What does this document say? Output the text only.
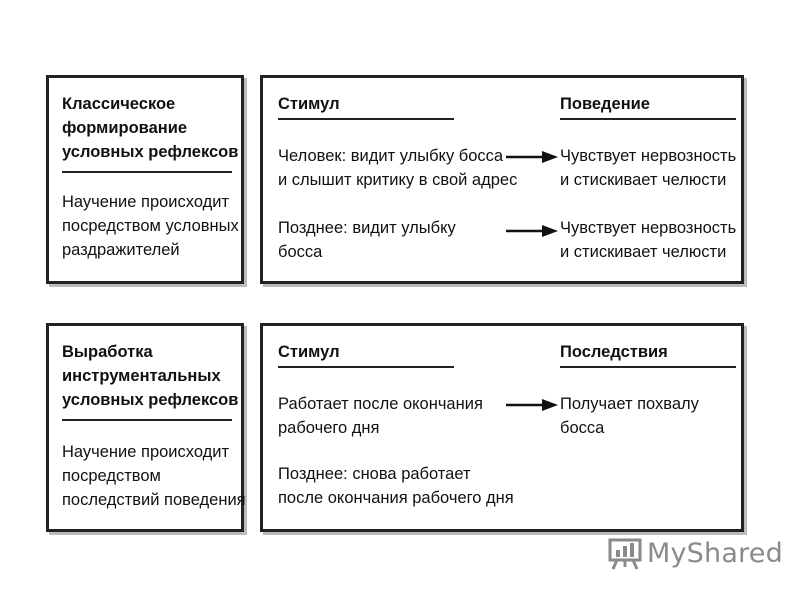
Классическое
формирование
условных рефлексов
Научение происходит
посредством условных
раздражителей
Стимул	Поведение
Человек: видит улыбку босса
и слышит критику в свой адрес
Чувствует нервозность
и стискивает челюсти
Позднее: видит улыбку
босса
Чувствует нервозность
и стискивает челюсти
Выработка
инструментальных
условных рефлексов
Научение происходит
посредством
последствий поведения
Стимул	Последствия
Работает после окончания
рабочего дня
Получает похвалу
босса
Позднее: снова работает
после окончания рабочего дня
MyShared
